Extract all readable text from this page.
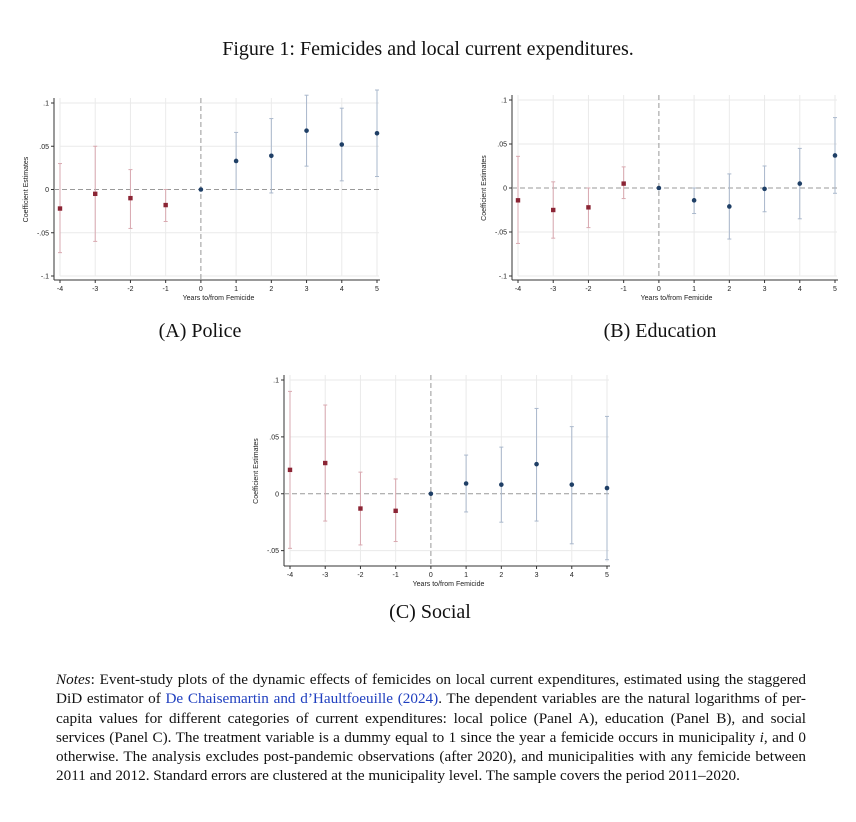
Figure 1: Femicides and local current expenditures.
.1
.05
0
-.05
-.1
-4	-3	-2	-1	0	1	2	3	4	5
Years to/from Femicide
Coefficient Estimates
(A) Police
.1
.05
0
-.05
-.1
-4	-3	-2	-1	0	1	2	3	4	5
Years to/from Femicide
Coefficient Estimates
(B) Education
.1
.05
0
-.05
-4	-3	-2	-1	0	1	2	3	4	5
Years to/from Femicide
Coefficient Estimates
(C) Social
Notes: Event-study plots of the dynamic effects of femicides on local current expenditures, estimated using the staggered DiD estimator of De Chaisemartin and d’Haultfoeuille (2024). The dependent variables are the natural logarithms of per-capita values for different categories of current expenditures: local police (Panel A), education (Panel B), and social services (Panel C). The treatment variable is a dummy equal to 1 since the year a femicide occurs in municipality i, and 0 otherwise. The analysis excludes post-pandemic observations (after 2020), and municipalities with any femicide between 2011 and 2012. Standard errors are clustered at the municipality level. The sample covers the period 2011–2020.
